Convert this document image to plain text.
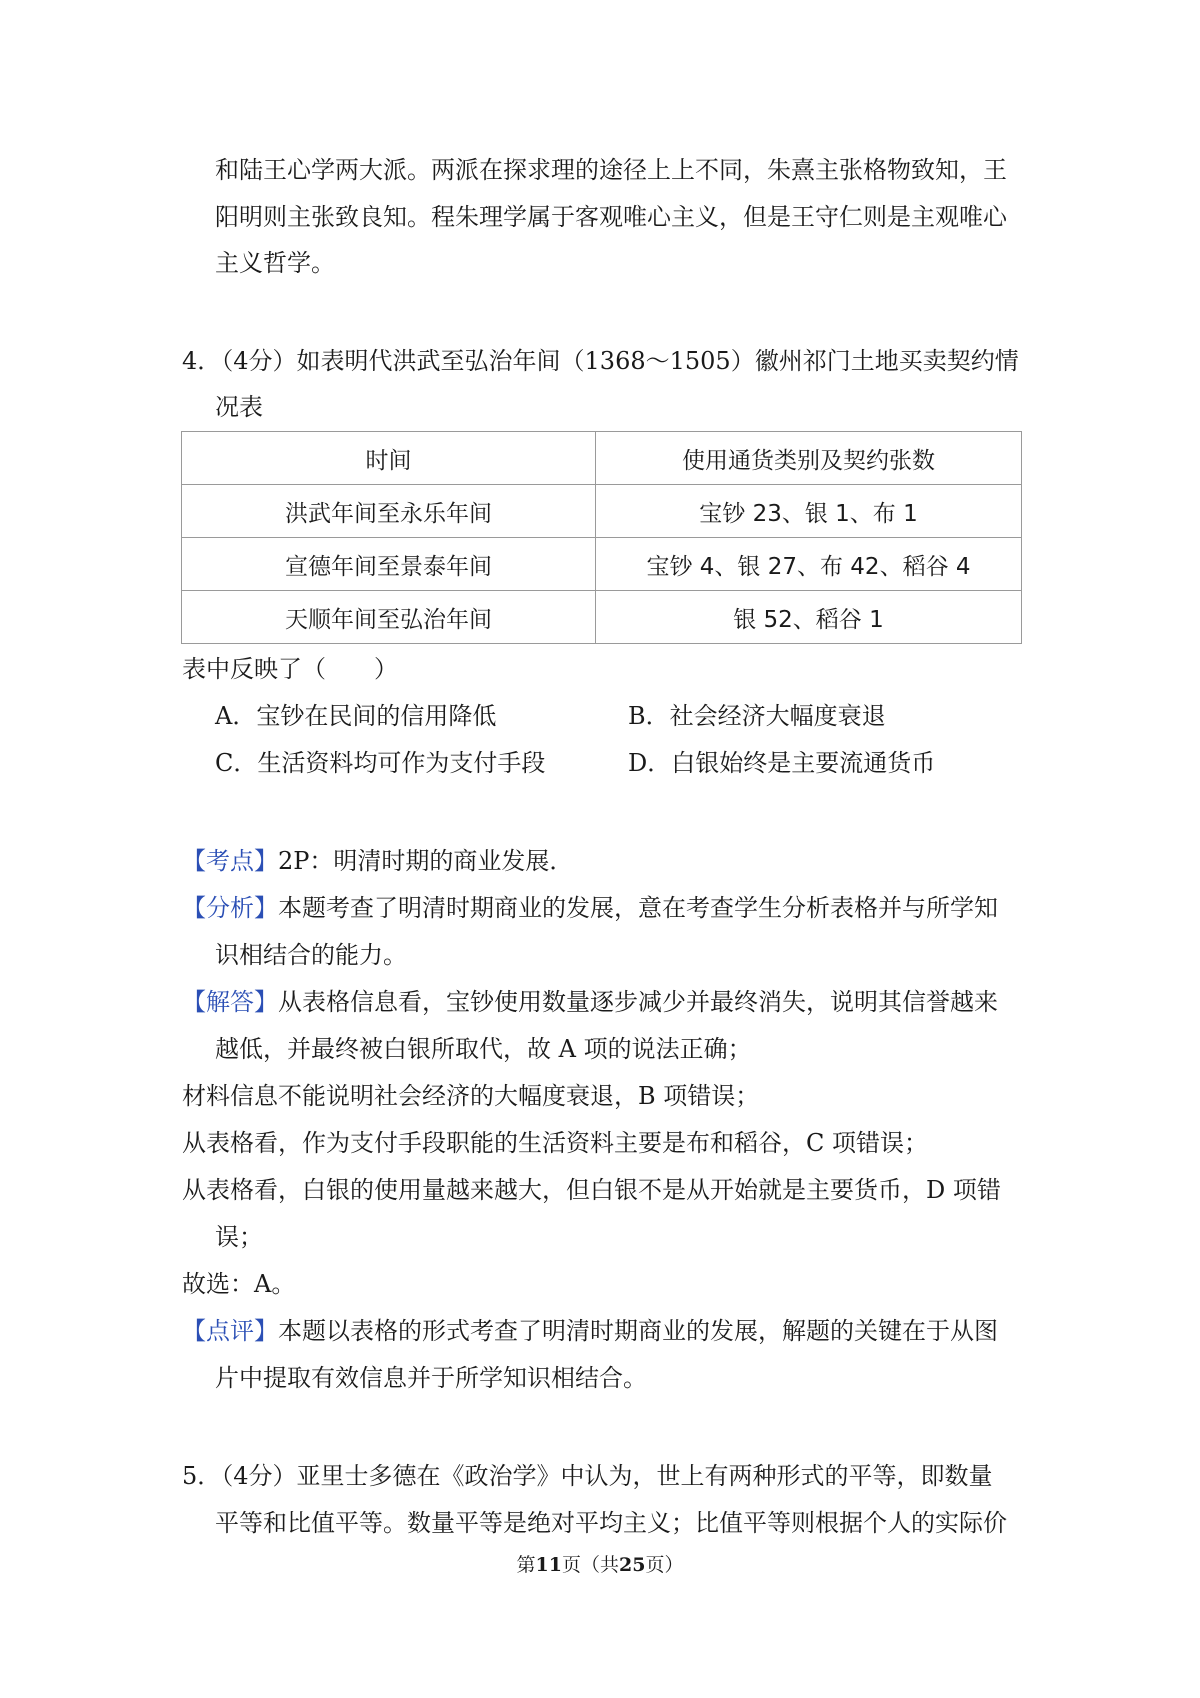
和陆王心学两大派。两派在探求理的途径上上不同，朱熹主张格物致知，王
阳明则主张致良知。程朱理学属于客观唯心主义，但是王守仁则是主观唯心
主义哲学。
4．（4分）如表明代洪武至弘治年间（1368～1505）徽州祁门土地买卖契约情
况表
时间	使用通货类别及契约张数
洪武年间至永乐年间	宝钞 23、银 1、布 1
宣德年间至景泰年间	宝钞 4、银 27、布 42、稻谷 4
天顺年间至弘治年间	银 52、稻谷 1
表中反映了（　　）
A．宝钞在民间的信用降低	B．社会经济大幅度衰退
C．生活资料均可作为支付手段	D．白银始终是主要流通货币
【考点】2P：明清时期的商业发展．
【分析】本题考查了明清时期商业的发展，意在考查学生分析表格并与所学知
识相结合的能力。
【解答】从表格信息看，宝钞使用数量逐步减少并最终消失，说明其信誉越来
越低，并最终被白银所取代，故 A 项的说法正确；
材料信息不能说明社会经济的大幅度衰退，B 项错误；
从表格看，作为支付手段职能的生活资料主要是布和稻谷，C 项错误；
从表格看，白银的使用量越来越大，但白银不是从开始就是主要货币，D 项错
误；
故选：A。
【点评】本题以表格的形式考查了明清时期商业的发展，解题的关键在于从图
片中提取有效信息并于所学知识相结合。
5．（4分）亚里士多德在《政治学》中认为，世上有两种形式的平等，即数量
平等和比值平等。数量平等是绝对平均主义；比值平等则根据个人的实际价
第11页（共25页）
